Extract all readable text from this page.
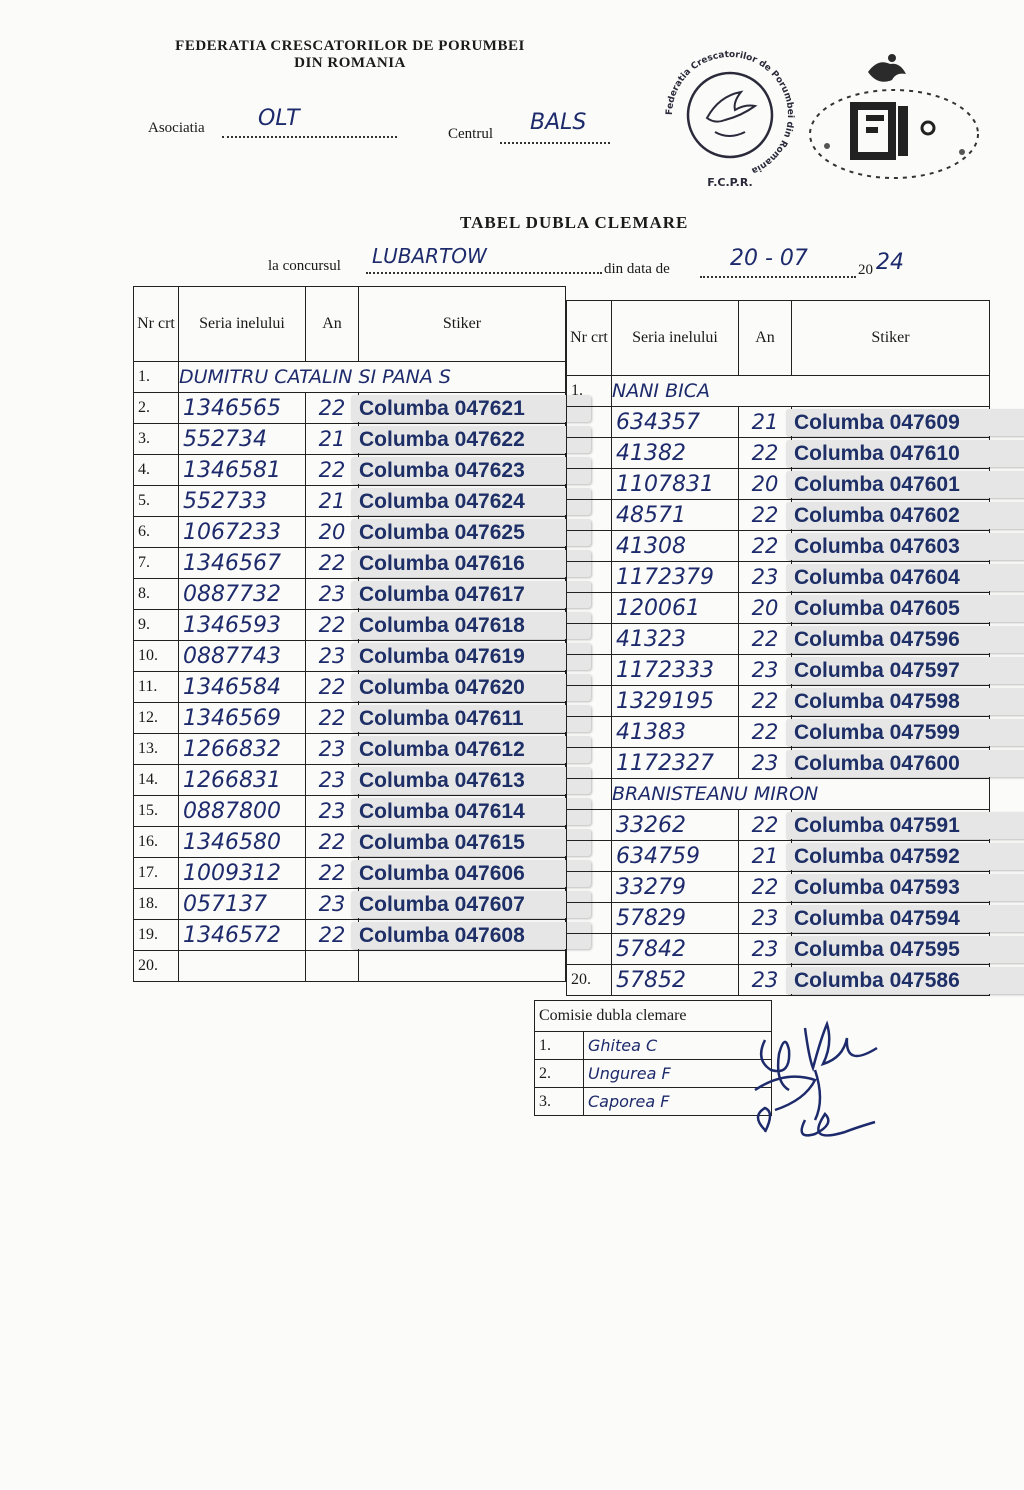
FEDERATIA CRESCATORILOR DE PORUMBEI
DIN ROMANIA
Asociatia OLT
Centrul BALS	Federatia Crescatorilor de Porumbei din Romania
F.C.P.R.
TABEL DUBLA CLEMARE
la concursul LUBARTOW
din data de	20 - 07	20 24
Nr crt	Seria inelului	An	Stiker
1.	DUMITRU CATALIN SI PANA S		
2.	1346565	22	Columba 047621

3.	552734	21	Columba 047622

4.	1346581	22	Columba 047623

5.	552733	21	Columba 047624

6.	1067233	20	Columba 047625

7.	1346567	22	Columba 047616

8.	0887732	23	Columba 047617

9.	1346593	22	Columba 047618

10.	0887743	23	Columba 047619

11.	1346584	22	Columba 047620

12.	1346569	22	Columba 047611

13.	1266832	23	Columba 047612

14.	1266831	23	Columba 047613

15.	0887800	23	Columba 047614

16.	1346580	22	Columba 047615

17.	1009312	22	Columba 047606

18.	057137	23	Columba 047607

19.	1346572	22	Columba 047608

20.			
Nr crt	Seria inelului	An	Stiker
1.	NANI BICA		
	634357	21	Columba 047609

	41382	22	Columba 047610

	1107831	20	Columba 047601

	48571	22	Columba 047602

	41308	22	Columba 047603

	1172379	23	Columba 047604

	120061	20	Columba 047605

	41323	22	Columba 047596

	1172333	23	Columba 047597

	1329195	22	Columba 047598

	41383	22	Columba 047599

	1172327	23	Columba 047600

	BRANISTEANU MIRON		
	33262	22	Columba 047591

	634759	21	Columba 047592

	33279	22	Columba 047593

	57829	23	Columba 047594

	57842	23	Columba 047595

20.	57852	23	Columba 047586
Comisie dubla clemare	
1.	Ghitea C
2.	Ungurea F
3.	Caporea F
